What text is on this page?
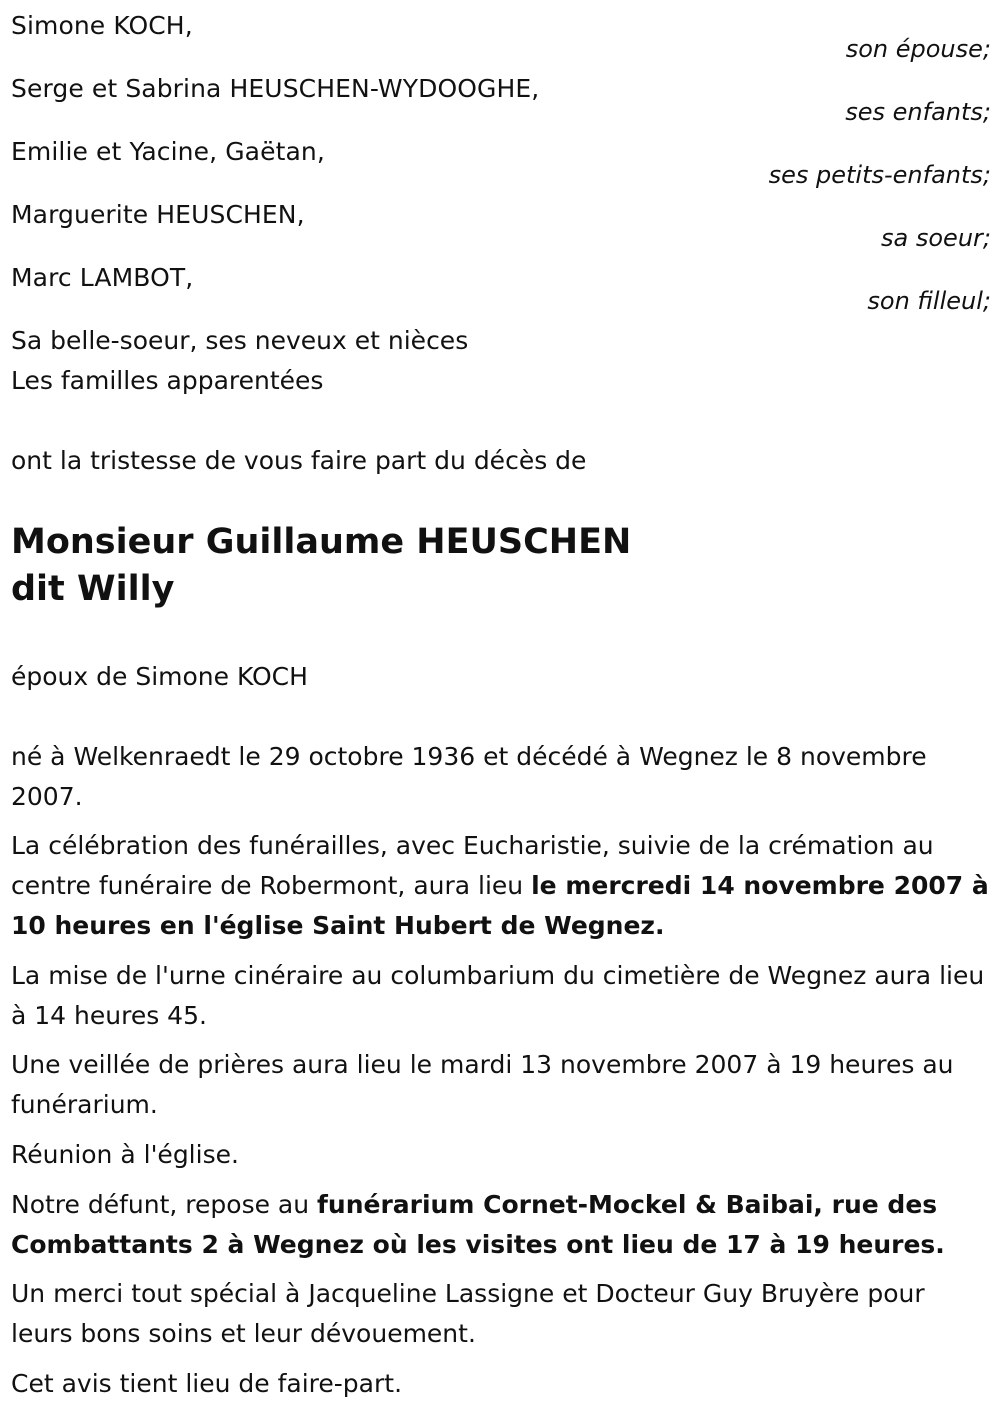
Simone KOCH,
son épouse;
Serge et Sabrina HEUSCHEN-WYDOOGHE,
ses enfants;
Emilie et Yacine, Gaëtan,
ses petits-enfants;
Marguerite HEUSCHEN,
sa soeur;
Marc LAMBOT,
son filleul;
Sa belle-soeur, ses neveux et nièces
Les familles apparentées
ont la tristesse de vous faire part du décès de
Monsieur Guillaume HEUSCHEN
dit Willy
époux de Simone KOCH

né à Welkenraedt le 29 octobre 1936 et décédé à Wegnez le 8 novembre 2007.

La célébration des funérailles, avec Eucharistie, suivie de la crémation au centre funéraire de Robermont, aura lieu le mercredi 14 novembre 2007 à 10 heures en l'église Saint Hubert de Wegnez.

La mise de l'urne cinéraire au columbarium du cimetière de Wegnez aura lieu à 14 heures 45.

Une veillée de prières aura lieu le mardi 13 novembre 2007 à 19 heures au funérarium.

Réunion à l'église.

Notre défunt, repose au funérarium Cornet-Mockel & Baibai, rue des Combattants 2 à Wegnez où les visites ont lieu de 17 à 19 heures.

Un merci tout spécial à Jacqueline Lassigne et Docteur Guy Bruyère pour leurs bons soins et leur dévouement.

Cet avis tient lieu de faire-part.
